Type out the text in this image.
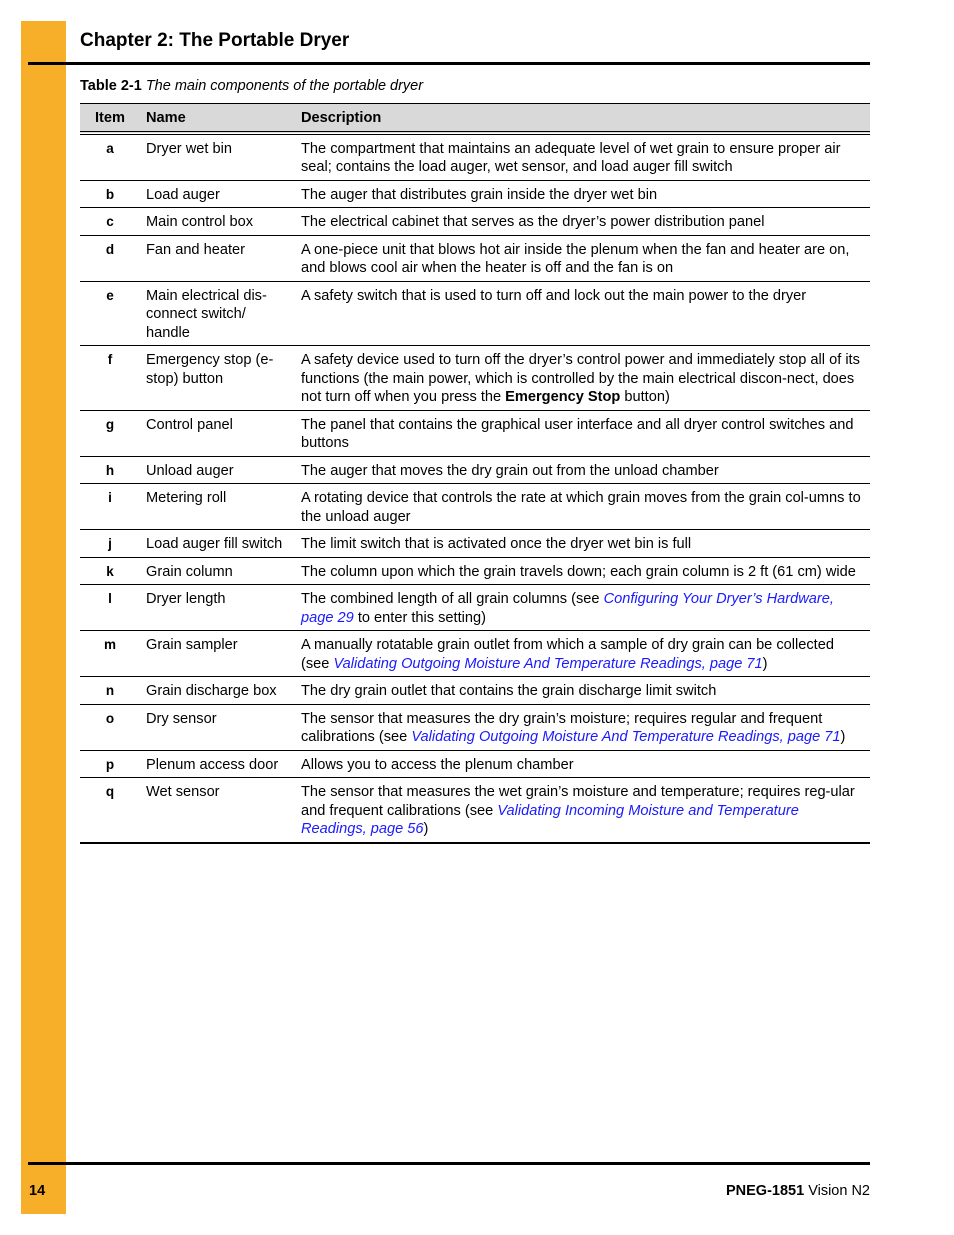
Chapter 2: The Portable Dryer
Table 2-1 The main components of the portable dryer
Item	Name	Description
a	Dryer wet bin	The compartment that maintains an adequate level of wet grain to ensure proper air seal; contains the load auger, wet sensor, and load auger fill switch
b	Load auger	The auger that distributes grain inside the dryer wet bin
c	Main control box	The electrical cabinet that serves as the dryer’s power distribution panel
d	Fan and heater	A one-piece unit that blows hot air inside the plenum when the fan and heater are on, and blows cool air when the heater is off and the fan is on
e	Main electrical dis-connect switch/ handle	A safety switch that is used to turn off and lock out the main power to the dryer
f	Emergency stop (e-stop) button	A safety device used to turn off the dryer’s control power and immediately stop all of its functions (the main power, which is controlled by the main electrical discon-nect, does not turn off when you press the Emergency Stop button)
g	Control panel	The panel that contains the graphical user interface and all dryer control switches and buttons
h	Unload auger	The auger that moves the dry grain out from the unload chamber
i	Metering roll	A rotating device that controls the rate at which grain moves from the grain col-umns to the unload auger
j	Load auger fill switch	The limit switch that is activated once the dryer wet bin is full
k	Grain column	The column upon which the grain travels down; each grain column is 2 ft (61 cm) wide
l	Dryer length	The combined length of all grain columns (see Configuring Your Dryer’s Hardware, page 29 to enter this setting)
m	Grain sampler	A manually rotatable grain outlet from which a sample of dry grain can be collected (see Validating Outgoing Moisture And Temperature Readings, page 71)
n	Grain discharge box	The dry grain outlet that contains the grain discharge limit switch
o	Dry sensor	The sensor that measures the dry grain’s moisture; requires regular and frequent calibrations (see Validating Outgoing Moisture And Temperature Readings, page 71)
p	Plenum access door	Allows you to access the plenum chamber
q	Wet sensor	The sensor that measures the wet grain’s moisture and temperature; requires reg-ular and frequent calibrations (see Validating Incoming Moisture and Temperature Readings, page 56)
14	PNEG-1851 Vision N2
